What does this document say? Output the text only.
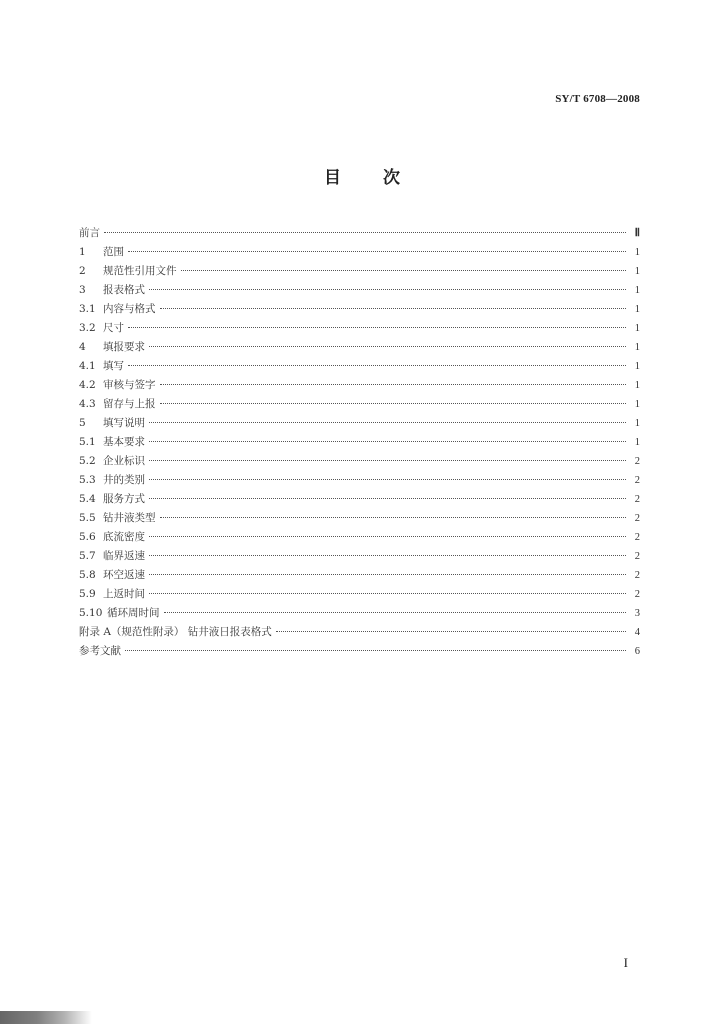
SY/T 6708—2008
目 次
前言	Ⅱ
1 范围	1
2 规范性引用文件	1
3 报表格式	1
3.1 内容与格式	1
3.2 尺寸	1
4 填报要求	1
4.1 填写	1
4.2 审核与签字	1
4.3 留存与上报	1
5 填写说明	1
5.1 基本要求	1
5.2 企业标识	2
5.3 井的类别	2
5.4 服务方式	2
5.5 钻井液类型	2
5.6 底流密度	2
5.7 临界返速	2
5.8 环空返速	2
5.9 上返时间	2
5.10 循环周时间	3
附录 A（规范性附录） 钻井液日报表格式	4
参考文献	6
I
